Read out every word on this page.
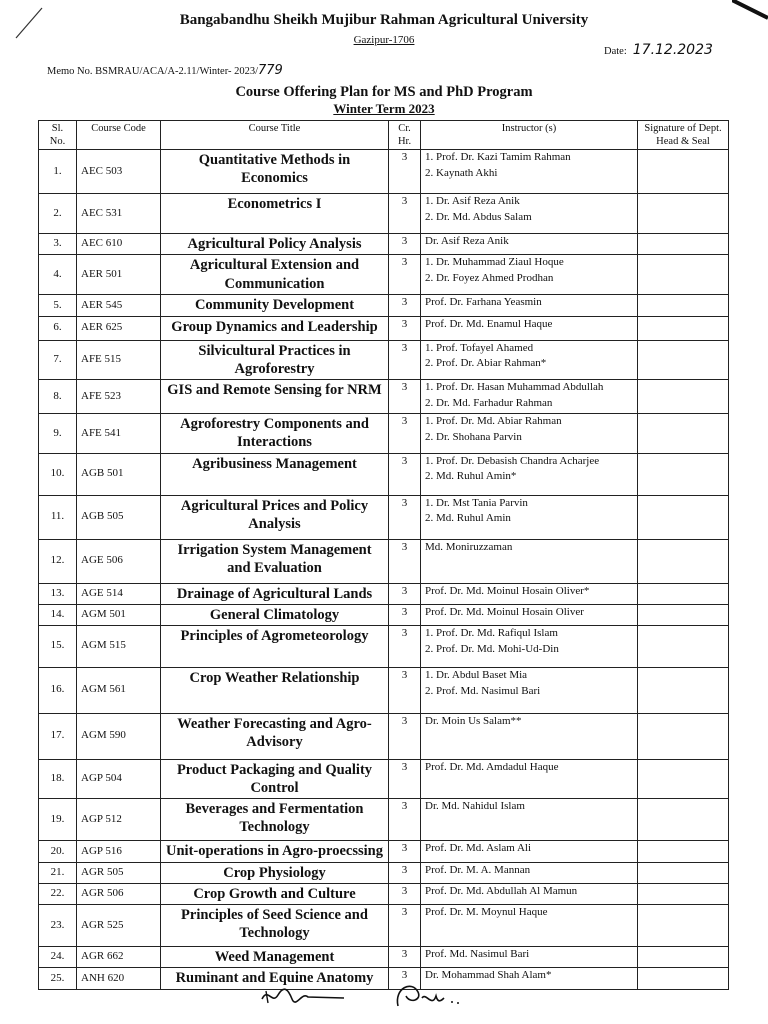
Bangabandhu Sheikh Mujibur Rahman Agricultural University
Gazipur-1706
Memo No. BSMRAU/ACA/A-2.11/Winter- 2023/779
Date: 17.12.2023
Course Offering Plan for MS and PhD Program
Winter Term 2023
Sl. No.	Course Code	Course Title	Cr. Hr.	Instructor (s)	Signature of Dept. Head & Seal
1.	AEC 503	Quantitative Methods in Economics	3	1. Prof. Dr. Kazi Tamim Rahman
2. Kaynath Akhi	

2.	AEC 531	Econometrics I	3	1. Dr. Asif Reza Anik
2. Dr. Md. Abdus Salam	

3.	AEC 610	Agricultural Policy Analysis	3	Dr. Asif Reza Anik	

4.	AER 501	Agricultural Extension and Communication	3	1. Dr. Muhammad Ziaul Hoque
2. Dr. Foyez Ahmed Prodhan	

5.	AER 545	Community Development	3	Prof. Dr. Farhana Yeasmin	

6.	AER 625	Group Dynamics and Leadership	3	Prof. Dr. Md. Enamul Haque	

7.	AFE 515	Silvicultural Practices in Agroforestry	3	1. Prof. Tofayel Ahamed
2. Prof. Dr. Abiar Rahman*	

8.	AFE 523	GIS and Remote Sensing for NRM	3	1. Prof. Dr. Hasan Muhammad Abdullah
2. Dr. Md. Farhadur Rahman	

9.	AFE 541	Agroforestry Components and Interactions	3	1. Prof. Dr. Md. Abiar Rahman
2. Dr. Shohana Parvin	

10.	AGB 501	Agribusiness Management	3	1. Prof. Dr. Debasish Chandra Acharjee
2. Md. Ruhul Amin*	

11.	AGB 505	Agricultural Prices and Policy Analysis	3	1. Dr. Mst Tania Parvin
2. Md. Ruhul Amin	

12.	AGE 506	Irrigation System Management and Evaluation	3	Md. Moniruzzaman	

13.	AGE 514	Drainage of Agricultural Lands	3	Prof. Dr. Md. Moinul Hosain Oliver*	

14.	AGM 501	General Climatology	3	Prof. Dr. Md. Moinul Hosain Oliver	

15.	AGM 515	Principles of Agrometeorology	3	1. Prof. Dr. Md. Rafiqul Islam
2. Prof. Dr. Md. Mohi-Ud-Din	

16.	AGM 561	Crop Weather Relationship	3	1. Dr. Abdul Baset Mia
2. Prof. Md. Nasimul Bari	

17.	AGM 590	Weather Forecasting and Agro-Advisory	3	Dr. Moin Us Salam**	

18.	AGP 504	Product Packaging and Quality Control	3	Prof. Dr. Md. Amdadul Haque	

19.	AGP 512	Beverages and Fermentation Technology	3	Dr. Md. Nahidul Islam	

20.	AGP 516	Unit-operations in Agro-proecssing	3	Prof. Dr. Md. Aslam Ali	

21.	AGR 505	Crop Physiology	3	Prof. Dr. M. A. Mannan	

22.	AGR 506	Crop Growth and Culture	3	Prof. Dr. Md. Abdullah Al Mamun	

23.	AGR 525	Principles of Seed Science and Technology	3	Prof. Dr. M. Moynul Haque	

24.	AGR 662	Weed Management	3	Prof. Md. Nasimul Bari	

25.	ANH 620	Ruminant and Equine Anatomy	3	Dr. Mohammad Shah Alam*	
